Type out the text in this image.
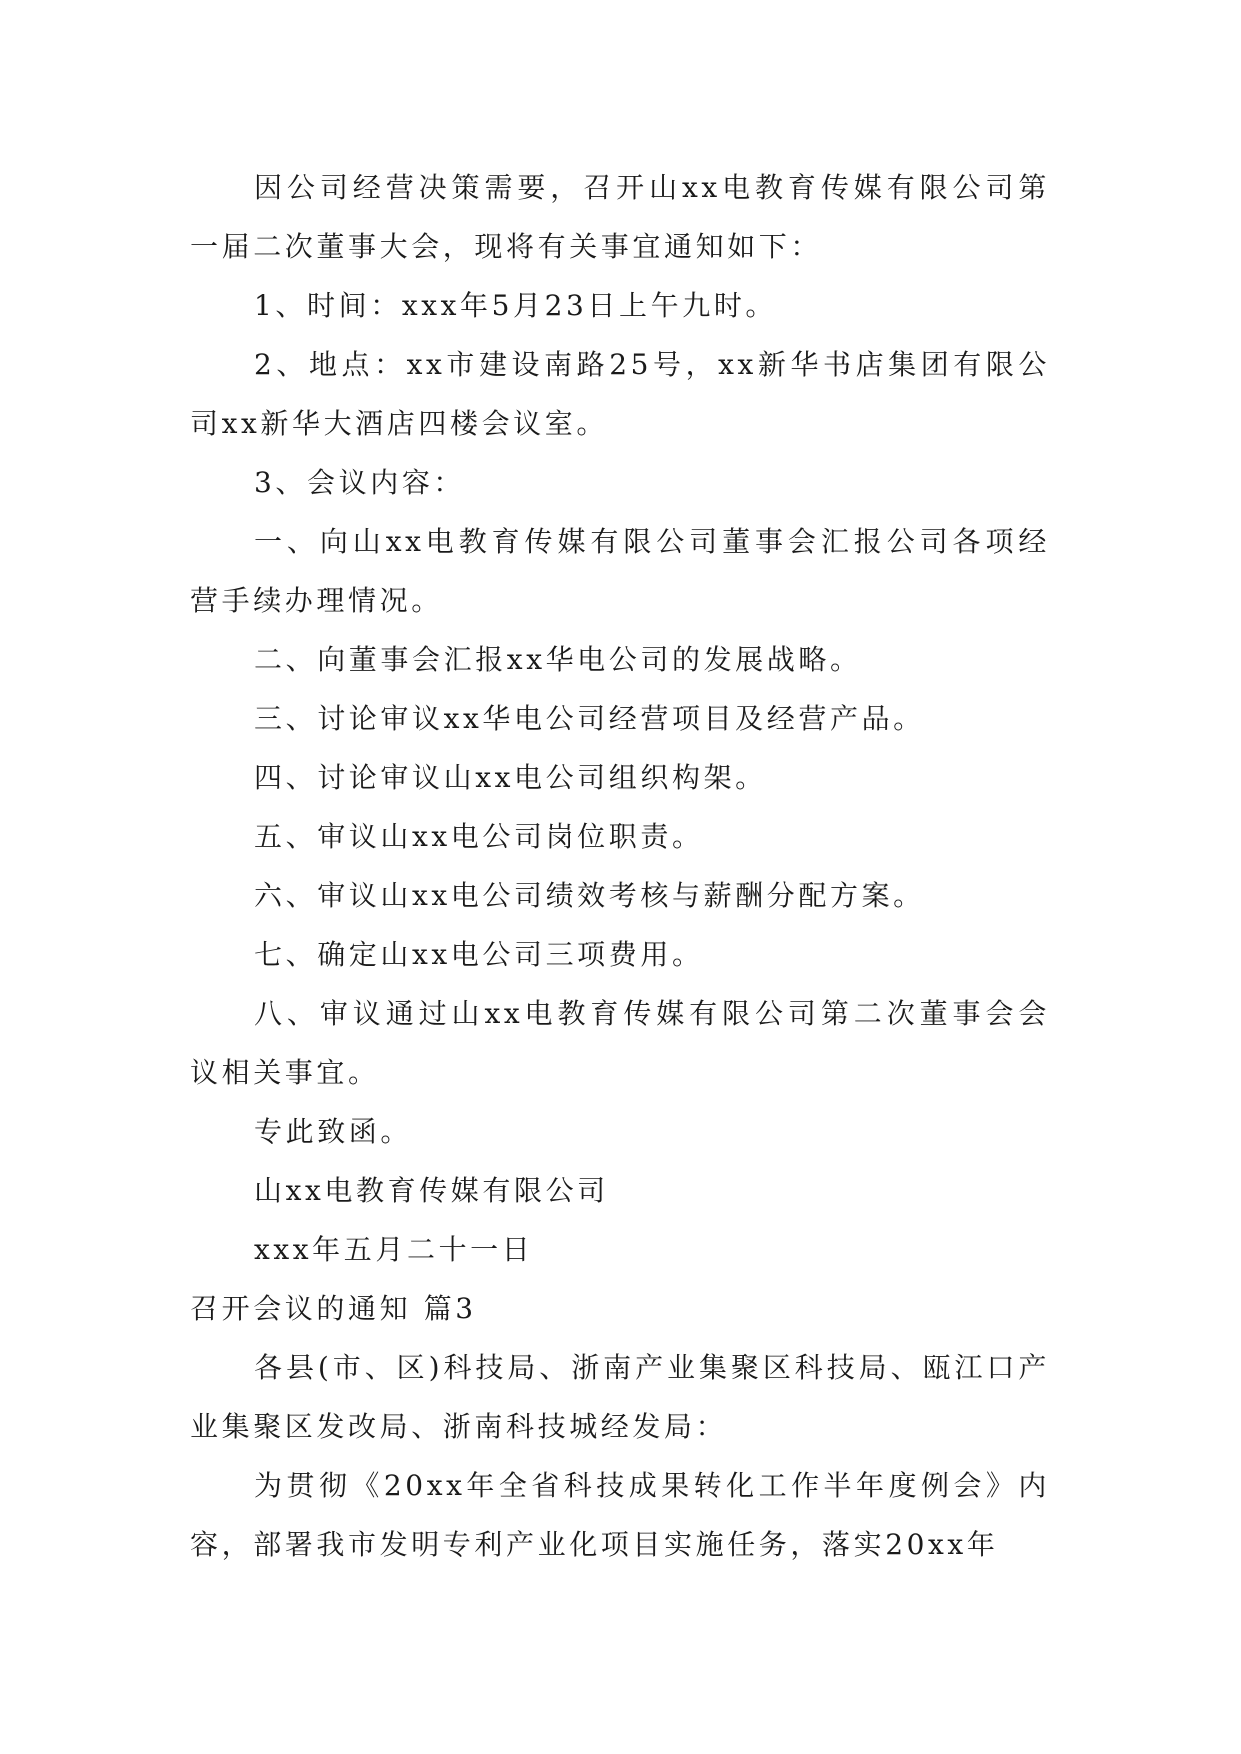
因公司经营决策需要，召开山xx电教育传媒有限公司第一届二次董事大会，现将有关事宜通知如下：

1、时间：xxx年5月23日上午九时。

2、地点：xx市建设南路25号，xx新华书店集团有限公司xx新华大酒店四楼会议室。

3、会议内容：

一、向山xx电教育传媒有限公司董事会汇报公司各项经营手续办理情况。

二、向董事会汇报xx华电公司的发展战略。

三、讨论审议xx华电公司经营项目及经营产品。

四、讨论审议山xx电公司组织构架。

五、审议山xx电公司岗位职责。

六、审议山xx电公司绩效考核与薪酬分配方案。

七、确定山xx电公司三项费用。

八、审议通过山xx电教育传媒有限公司第二次董事会会议相关事宜。

专此致函。

山xx电教育传媒有限公司

xxx年五月二十一日

召开会议的通知 篇3

各县(市、区)科技局、浙南产业集聚区科技局、瓯江口产业集聚区发改局、浙南科技城经发局：

为贯彻《20xx年全省科技成果转化工作半年度例会》内容，部署我市发明专利产业化项目实施任务，落实20xx年
